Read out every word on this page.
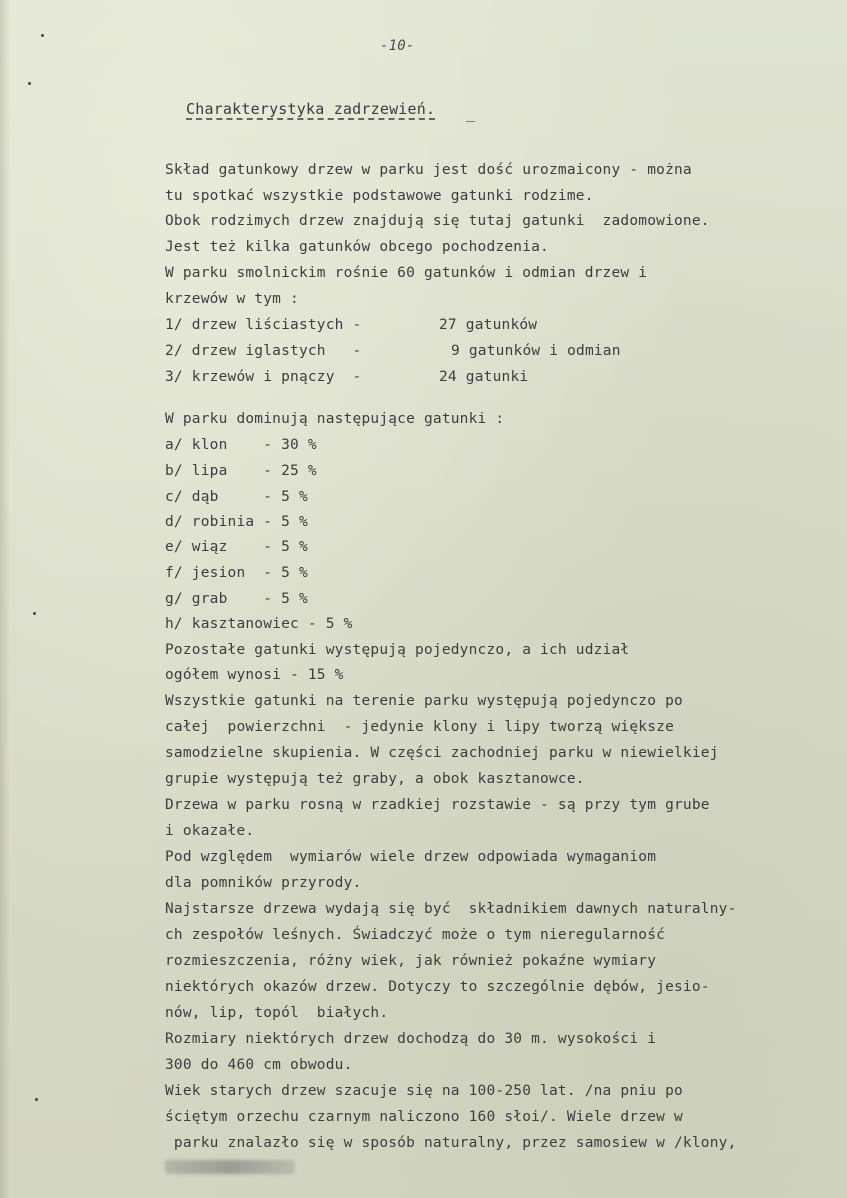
-10-
Charakterystyka zadrzewień. _
Skład gatunkowy drzew w parku jest dość urozmaicony - można
tu spotkać wszystkie podstawowe gatunki rodzime.
Obok rodzimych drzew znajdują się tutaj gatunki  zadomowione.
Jest też kilka gatunków obcego pochodzenia.
W parku smolnickim rośnie 60 gatunków i odmian drzew i
krzewów w tym :
1/ drzew liściastych -	27 gatunków
2/ drzew iglastych   -	9 gatunków i odmian
3/ krzewów i pnączy  -	24 gatunki
W parku dominują następujące gatunki :
a/ klon    - 30 %
b/ lipa    - 25 %
c/ dąb     - 5 %
d/ robinia - 5 %
e/ wiąz    - 5 %
f/ jesion  - 5 %
g/ grab    - 5 %
h/ kasztanowiec - 5 %
Pozostałe gatunki występują pojedynczo, a ich udział
ogółem wynosi - 15 %
Wszystkie gatunki na terenie parku występują pojedynczo po
całej  powierzchni  - jedynie klony i lipy tworzą większe
samodzielne skupienia. W części zachodniej parku w niewielkiej
grupie występują też graby, a obok kasztanowce.
Drzewa w parku rosną w rzadkiej rozstawie - są przy tym grube
i okazałe.
Pod względem  wymiarów wiele drzew odpowiada wymaganiom
dla pomników przyrody.
Najstarsze drzewa wydają się być  składnikiem dawnych naturalny-
ch zespołów leśnych. Świadczyć może o tym nieregularność
rozmieszczenia, różny wiek, jak również pokaźne wymiary
niektórych okazów drzew. Dotyczy to szczególnie dębów, jesio-
nów, lip, topól  białych.
Rozmiary niektórych drzew dochodzą do 30 m. wysokości i
300 do 460 cm obwodu.
Wiek starych drzew szacuje się na 100-250 lat. /na pniu po
ściętym orzechu czarnym naliczono 160 słoi/. Wiele drzew w
parku znalazło się w sposób naturalny, przez samosiew w /klony,
